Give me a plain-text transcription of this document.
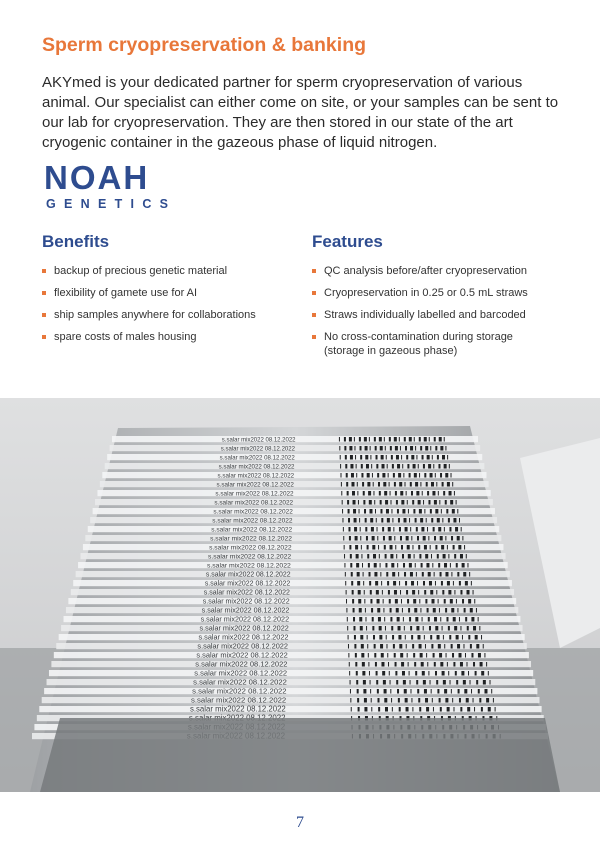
Sperm cryopreservation & banking
AKYmed is your dedicated partner for sperm cryopreservation of various animal. Our specialist can either come on site, or your samples can be sent to our lab for cryopreservation. They are then stored in our state of the art cryogenic container in the gazeous phase of liquid nitrogen.
NOAH
GENETICS
Benefits
backup of precious genetic material
flexibility of gamete use for AI
ship samples anywhere for collaborations
spare costs of males housing
Features
QC analysis before/after cryopreservation
Cryopreservation in 0.25 or 0.5 mL straws
Straws individually labelled and barcoded
No cross-contamination during storage (storage in gazeous phase)
s.salar mix2022 08.12.2022
s.salar mix2022 08.12.2022
s.salar mix2022 08.12.2022
s.salar mix2022 08.12.2022
s.salar mix2022 08.12.2022
s.salar mix2022 08.12.2022
s.salar mix2022 08.12.2022
s.salar mix2022 08.12.2022
s.salar mix2022 08.12.2022
s.salar mix2022 08.12.2022
s.salar mix2022 08.12.2022
s.salar mix2022 08.12.2022
s.salar mix2022 08.12.2022
s.salar mix2022 08.12.2022
s.salar mix2022 08.12.2022
s.salar mix2022 08.12.2022
s.salar mix2022 08.12.2022
s.salar mix2022 08.12.2022
s.salar mix2022 08.12.2022
s.salar mix2022 08.12.2022
s.salar mix2022 08.12.2022
s.salar mix2022 08.12.2022
s.salar mix2022 08.12.2022
s.salar mix2022 08.12.2022
s.salar mix2022 08.12.2022
s.salar mix2022 08.12.2022
s.salar mix2022 08.12.2022
s.salar mix2022 08.12.2022
s.salar mix2022 08.12.2022
s.salar mix2022 08.12.2022
s.salar mix2022 08.12.2022
7
